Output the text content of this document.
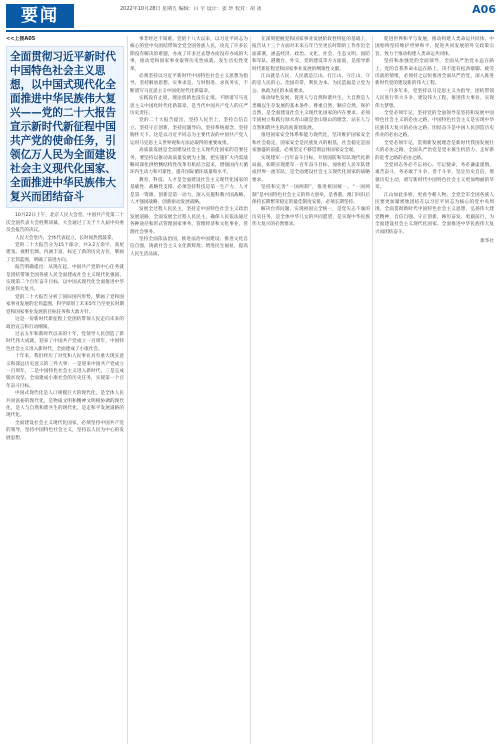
要闻	2022年10月28日 星期五 编辑：吕 宇 设计：姜 珍 校对：胡 冰	A06
<<上接A05
全面贯彻习近平新时代中国特色社会主义思想，以中国式现代化全面推进中华民族伟大复兴——党的二十大报告宣示新时代新征程中国共产党的使命任务，引领亿万人民为全面建设社会主义现代化国家、全面推进中华民族伟大复兴而团结奋斗

10月22日上午，北京人民大会堂。中国共产党第二十次全国代表大会胜利闭幕，大会通过了关于十九届中央委员会报告的决议。

人民大会堂内，全体代表起立，长时间热烈鼓掌。

党的二十大报告分为15个部分，共3.2万余字，高屋建瓴、视野宏阔、内涵丰富，标定了新的历史方位，擘画了宏伟蓝图，明确了前进方向。

报告明确提出：从现在起，中国共产党的中心任务就是团结带领全国各族人民全面建成社会主义现代化强国、实现第二个百年奋斗目标，以中国式现代化全面推进中华民族伟大复兴。

党的二十大报告分析了国际国内形势，擘画了党和国家事业发展的宏伟蓝图，科学谋划了未来5年乃至更长时期党和国家事业发展的目标任务和大政方针。

这是一份新时代新征程上党团结带领人民走向未来的政治宣言和行动纲领。

过去五年和新时代以来的十年，党领导人民创造了新时代伟大成就，迎来了中国共产党成立一百周年，中国特色社会主义进入新时代，全面建成了小康社会。

十年来，我们经历了对党和人民事业具有重大现实意义和深远历史意义的三件大事：一是迎来中国共产党成立一百周年，二是中国特色社会主义进入新时代，三是完成脱贫攻坚、全面建成小康社会的历史任务，实现第一个百年奋斗目标。

中国式现代化是人口规模巨大的现代化，是全体人民共同富裕的现代化，是物质文明和精神文明相协调的现代化，是人与自然和谐共生的现代化，是走和平发展道路的现代化。

全面建设社会主义现代化国家，必须坚持中国共产党的领导，坚持中国特色社会主义，坚持以人民为中心的发展思想。

事非经过不知难。党的十八大以来，以习近平同志为核心的党中央团结带领全党全国各族人民，攻克了许多长期没有解决的难题，办成了许多过去想办而没有办成的大事，推动党和国家事业取得历史性成就、发生历史性变革。

必须坚持以习近平新时代中国特色社会主义思想为指导，坚持解放思想、实事求是、与时俱进、求真务实，不断谱写马克思主义中国化时代化新篇章。

实践没有止境，理论创新也没有止境。不断谱写马克思主义中国化时代化新篇章，是当代中国共产党人的庄严历史责任。

党的二十大报告提出，坚持人民至上、坚持自信自立、坚持守正创新、坚持问题导向、坚持系统观念、坚持胸怀天下。这是以习近平同志为主要代表的中国共产党人运用马克思主义世界观和方法论取得的重要成果。

高质量发展是全面建设社会主义现代化国家的首要任务。要坚持以推动高质量发展为主题，把实施扩大内需战略同深化供给侧结构性改革有机结合起来，增强国内大循环内生动力和可靠性，提升国际循环质量和水平。

教育、科技、人才是全面建设社会主义现代化国家的基础性、战略性支撑。必须坚持科技是第一生产力、人才是第一资源、创新是第一动力，深入实施科教兴国战略、人才强国战略、创新驱动发展战略。

发展全过程人民民主，坚持走中国特色社会主义政治发展道路，全面发展全过程人民民主，确保人民依法通过各种途径和形式管理国家事务，管理经济和文化事业，管理社会事务。

坚持全面依法治国，推进法治中国建设；推进文化自信自强，铸就社会主义文化新辉煌；增进民生福祉，提高人民生活品质。

在深刻把握党和国家事业发展阶段性特征的基础上，报告从十三个方面对未来五年乃至更长时期的工作作出全面部署，涵盖经济、政治、文化、社会、生态文明、国防和军队、港澳台、外交、党的建设等方方面面，是指导新时代新征程党和国家事业发展的纲领性文献。

江山就是人民，人民就是江山。打江山、守江山，守的是人民的心。治国有常，利民为本。为民造福是立党为公、执政为民的本质要求。

推动绿色发展，促进人与自然和谐共生。大自然是人类赖以生存发展的基本条件。尊重自然、顺应自然、保护自然，是全面建设社会主义现代化国家的内在要求。必须牢固树立和践行绿水青山就是金山银山的理念，站在人与自然和谐共生的高度谋划发展。

推进国家安全体系和能力现代化，坚决维护国家安全和社会稳定。国家安全是民族复兴的根基，社会稳定是国家强盛的前提。必须坚定不移贯彻总体国家安全观。

实现建军一百年奋斗目标，开创国防和军队现代化新局面。如期实现建军一百年奋斗目标，加快把人民军队建成世界一流军队，是全面建设社会主义现代化国家的战略要求。

坚持和完善“一国两制”，推进祖国统一。“一国两制”是中国特色社会主义的伟大创举，是香港、澳门回归后保持长期繁荣稳定的最佳制度安排，必须长期坚持。

解决台湾问题、实现祖国完全统一，是党矢志不渝的历史任务，是全体中华儿女的共同愿望，是实现中华民族伟大复兴的必然要求。

促进世界和平与发展，推动构建人类命运共同体。中国始终坚持维护世界和平、促进共同发展的外交政策宗旨，致力于推动构建人类命运共同体。

坚持和加强党的全面领导，全面从严治党永远在路上，党的自我革命永远在路上。决不能有松劲歇脚、疲劳厌战的情绪，必须持之以恒推进全面从严治党，深入推进新时代党的建设新的伟大工程。

一百多年来，党坚持以马克思主义为指导，团结带领人民进行伟大斗争、建设伟大工程、推进伟大事业、实现伟大梦想。

全党必须牢记，坚持党的全面领导是坚持和发展中国特色社会主义的必由之路，中国特色社会主义是实现中华民族伟大复兴的必由之路，团结奋斗是中国人民创造历史伟业的必由之路。

全党必须牢记，贯彻新发展理念是新时代我国发展壮大的必由之路，全面从严治党是党永葆生机活力、走好新的赶考之路的必由之路。

全党同志务必不忘初心、牢记使命，务必谦虚谨慎、艰苦奋斗，务必敢于斗争、善于斗争，坚定历史自信，增强历史主动，谱写新时代中国特色社会主义更加绚丽的华章。

江山如此多娇，更看今朝人物。全党全军全国各族人民要更加紧密地团结在以习近平同志为核心的党中央周围，全面贯彻新时代中国特色社会主义思想，弘扬伟大建党精神，自信自强、守正创新，踔厉奋发、勇毅前行，为全面建设社会主义现代化国家、全面推进中华民族伟大复兴而团结奋斗。

新华社
